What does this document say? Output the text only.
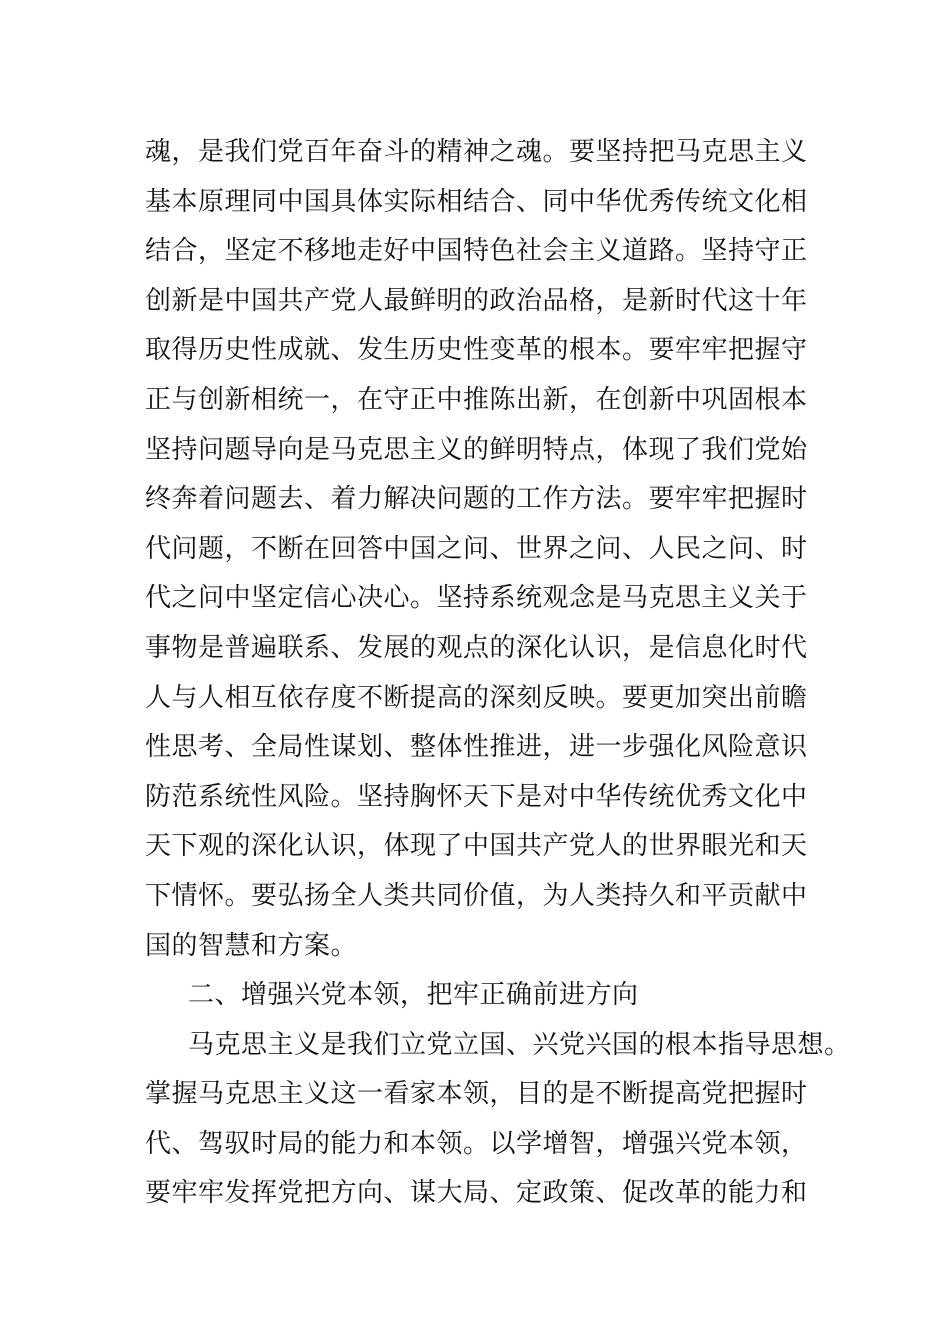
魂，是我们党百年奋斗的精神之魂。要坚持把马克思主义
基本原理同中国具体实际相结合、同中华优秀传统文化相
结合，坚定不移地走好中国特色社会主义道路。坚持守正
创新是中国共产党人最鲜明的政治品格，是新时代这十年
取得历史性成就、发生历史性变革的根本。要牢牢把握守
正与创新相统一，在守正中推陈出新，在创新中巩固根本
坚持问题导向是马克思主义的鲜明特点，体现了我们党始
终奔着问题去、着力解决问题的工作方法。要牢牢把握时
代问题，不断在回答中国之问、世界之问、人民之问、时
代之问中坚定信心决心。坚持系统观念是马克思主义关于
事物是普遍联系、发展的观点的深化认识，是信息化时代
人与人相互依存度不断提高的深刻反映。要更加突出前瞻
性思考、全局性谋划、整体性推进，进一步强化风险意识
防范系统性风险。坚持胸怀天下是对中华传统优秀文化中
天下观的深化认识，体现了中国共产党人的世界眼光和天
下情怀。要弘扬全人类共同价值，为人类持久和平贡献中
国的智慧和方案。
二、增强兴党本领，把牢正确前进方向
马克思主义是我们立党立国、兴党兴国的根本指导思想。
掌握马克思主义这一看家本领，目的是不断提高党把握时
代、驾驭时局的能力和本领。以学增智，增强兴党本领，
要牢牢发挥党把方向、谋大局、定政策、促改革的能力和
